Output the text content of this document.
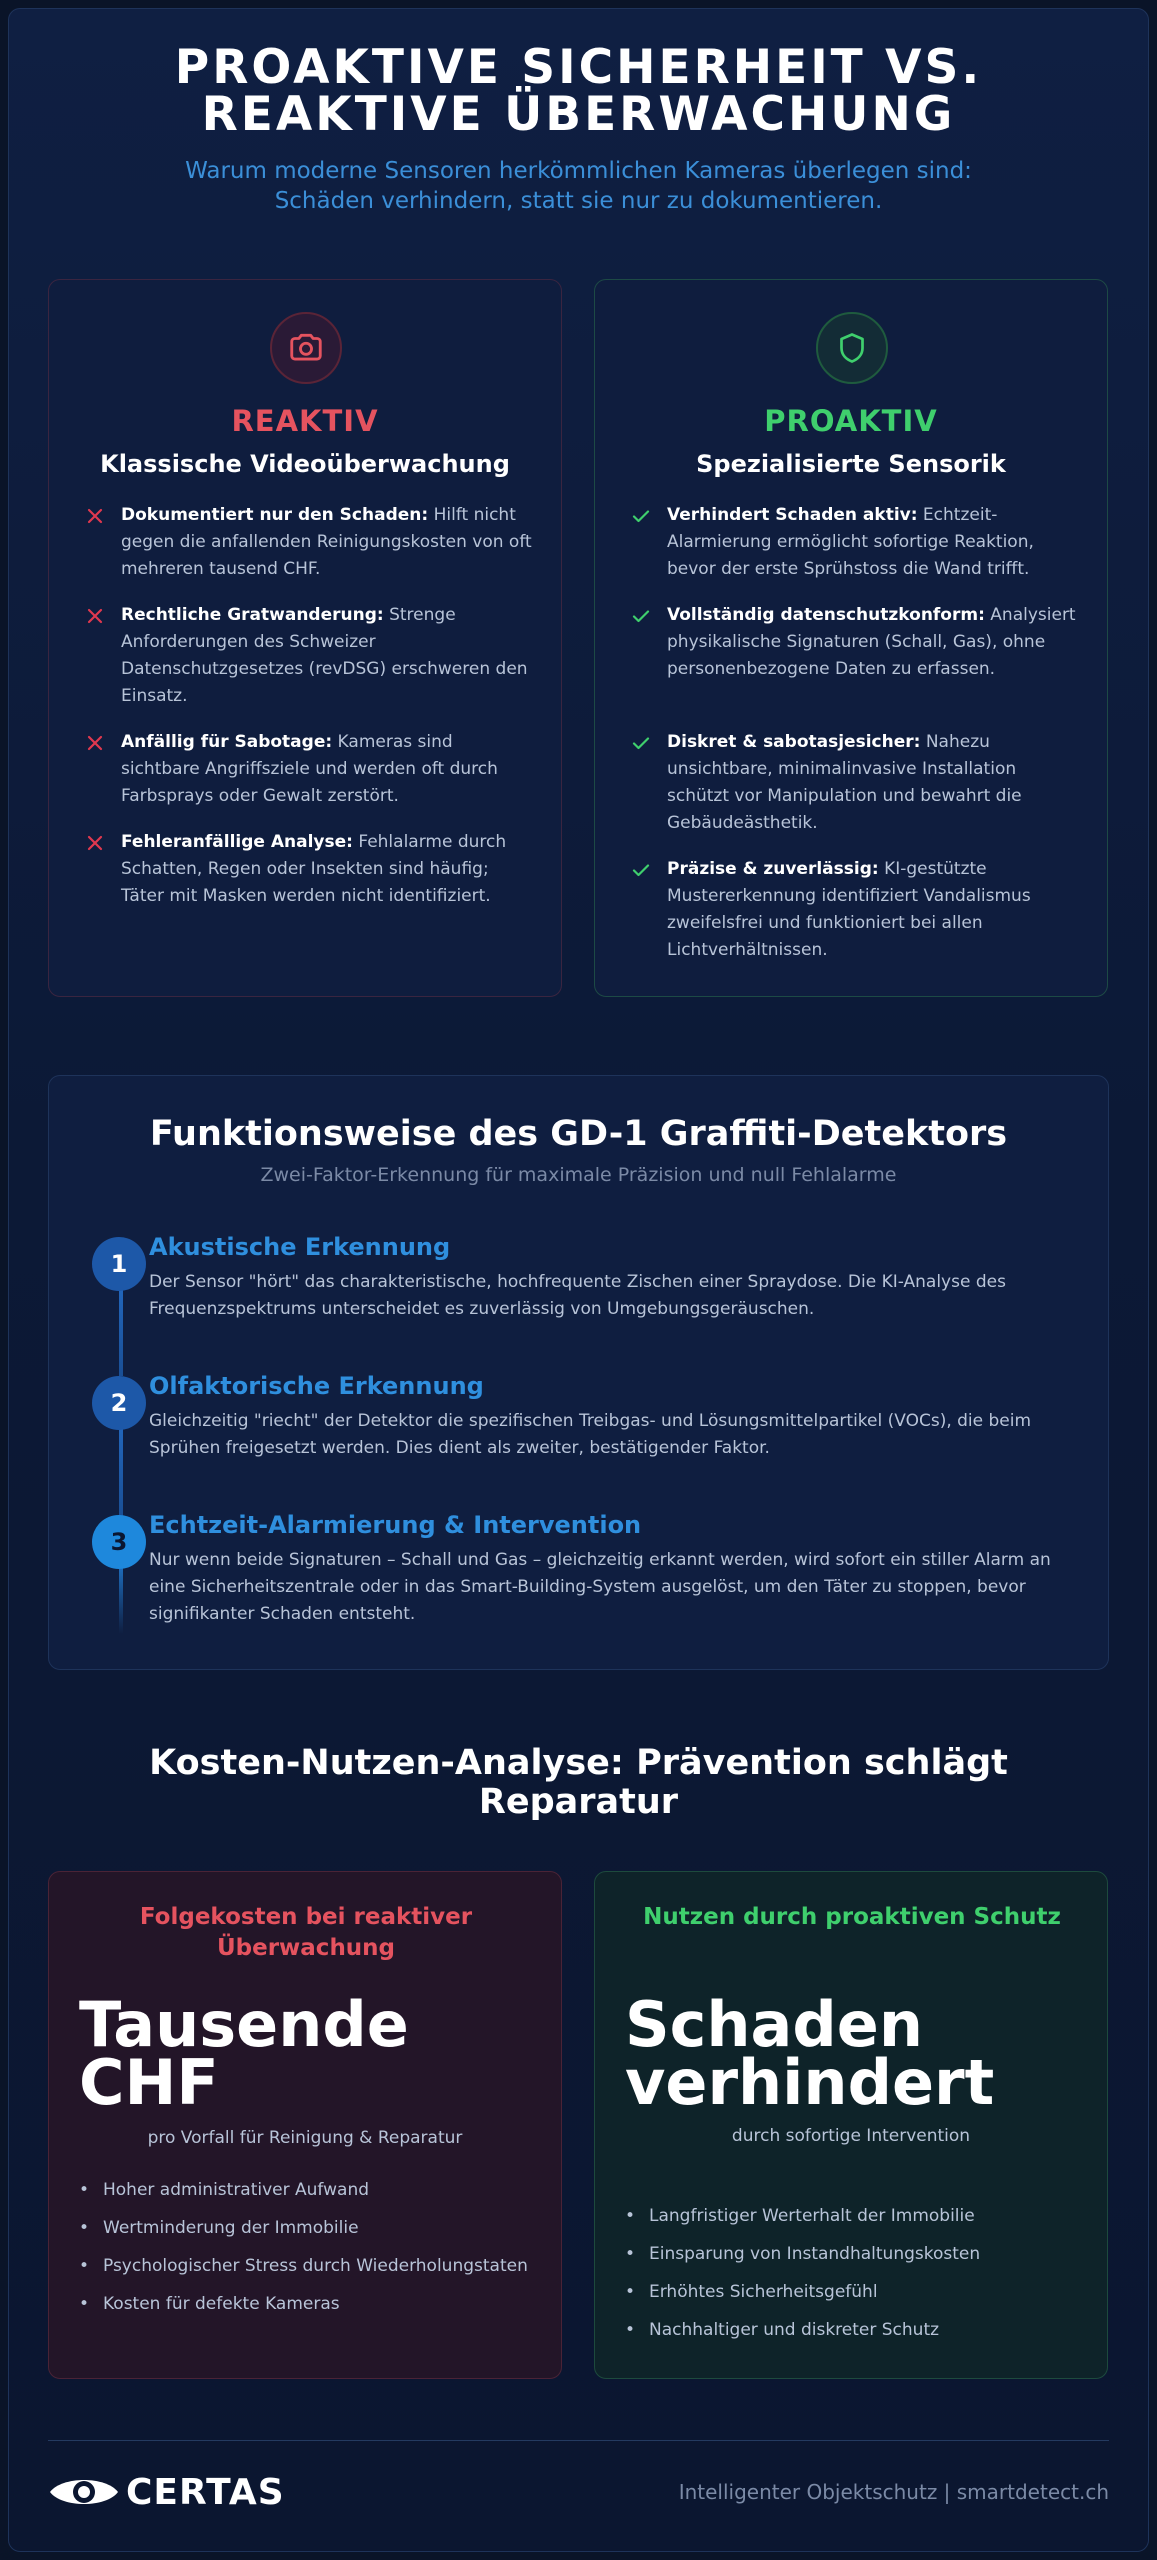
PROAKTIVE SICHERHEIT VS.
REAKTIVE ÜBERWACHUNG
Warum moderne Sensoren herkömmlichen Kameras überlegen sind: Schäden verhindern, statt sie nur zu dokumentieren.
REAKTIV
Klassische Videoüberwachung
Dokumentiert nur den Schaden: Hilft nicht gegen die anfallenden Reinigungskosten von oft mehreren tausend CHF.
Rechtliche Gratwanderung: Strenge Anforderungen des Schweizer Datenschutzgesetzes (revDSG) erschweren den Einsatz.
Anfällig für Sabotage: Kameras sind sichtbare Angriffsziele und werden oft durch Farbsprays oder Gewalt zerstört.
Fehleranfällige Analyse: Fehlalarme durch Schatten, Regen oder Insekten sind häufig; Täter mit Masken werden nicht identifiziert.
PROAKTIV
Spezialisierte Sensorik
Verhindert Schaden aktiv: Echtzeit-Alarmierung ermöglicht sofortige Reaktion, bevor der erste Sprühstoss die Wand trifft.
Vollständig datenschutzkonform: Analysiert physikalische Signaturen (Schall, Gas), ohne personenbezogene Daten zu erfassen.
Diskret & sabotasjesicher: Nahezu unsichtbare, minimalinvasive Installation schützt vor Manipulation und bewahrt die Gebäudeästhetik.
Präzise & zuverlässig: KI-gestützte Mustererkennung identifiziert Vandalismus zweifelsfrei und funktioniert bei allen Lichtverhältnissen.
Funktionsweise des GD-1 Graffiti-Detektors
Zwei-Faktor-Erkennung für maximale Präzision und null Fehlalarme
1
Akustische Erkennung
Der Sensor "hört" das charakteristische, hochfrequente Zischen einer Spraydose. Die KI-Analyse des Frequenzspektrums unterscheidet es zuverlässig von Umgebungsgeräuschen.
2
Olfaktorische Erkennung
Gleichzeitig "riecht" der Detektor die spezifischen Treibgas- und Lösungsmittelpartikel (VOCs), die beim Sprühen freigesetzt werden. Dies dient als zweiter, bestätigender Faktor.
3
Echtzeit-Alarmierung & Intervention
Nur wenn beide Signaturen – Schall und Gas – gleichzeitig erkannt werden, wird sofort ein stiller Alarm an eine Sicherheitszentrale oder in das Smart-Building-System ausgelöst, um den Täter zu stoppen, bevor signifikanter Schaden entsteht.
Kosten-Nutzen-Analyse: Prävention schlägt Reparatur
Folgekosten bei reaktiver Überwachung
Tausende
CHF
pro Vorfall für Reinigung & Reparatur
• Hoher administrativer Aufwand
• Wertminderung der Immobilie
• Psychologischer Stress durch Wiederholungstaten
• Kosten für defekte Kameras
Nutzen durch proaktiven Schutz
Schaden
verhindert
durch sofortige Intervention
• Langfristiger Werterhalt der Immobilie
• Einsparung von Instandhaltungskosten
• Erhöhtes Sicherheitsgefühl
• Nachhaltiger und diskreter Schutz
CERTAS	Intelligenter Objektschutz | smartdetect.ch
